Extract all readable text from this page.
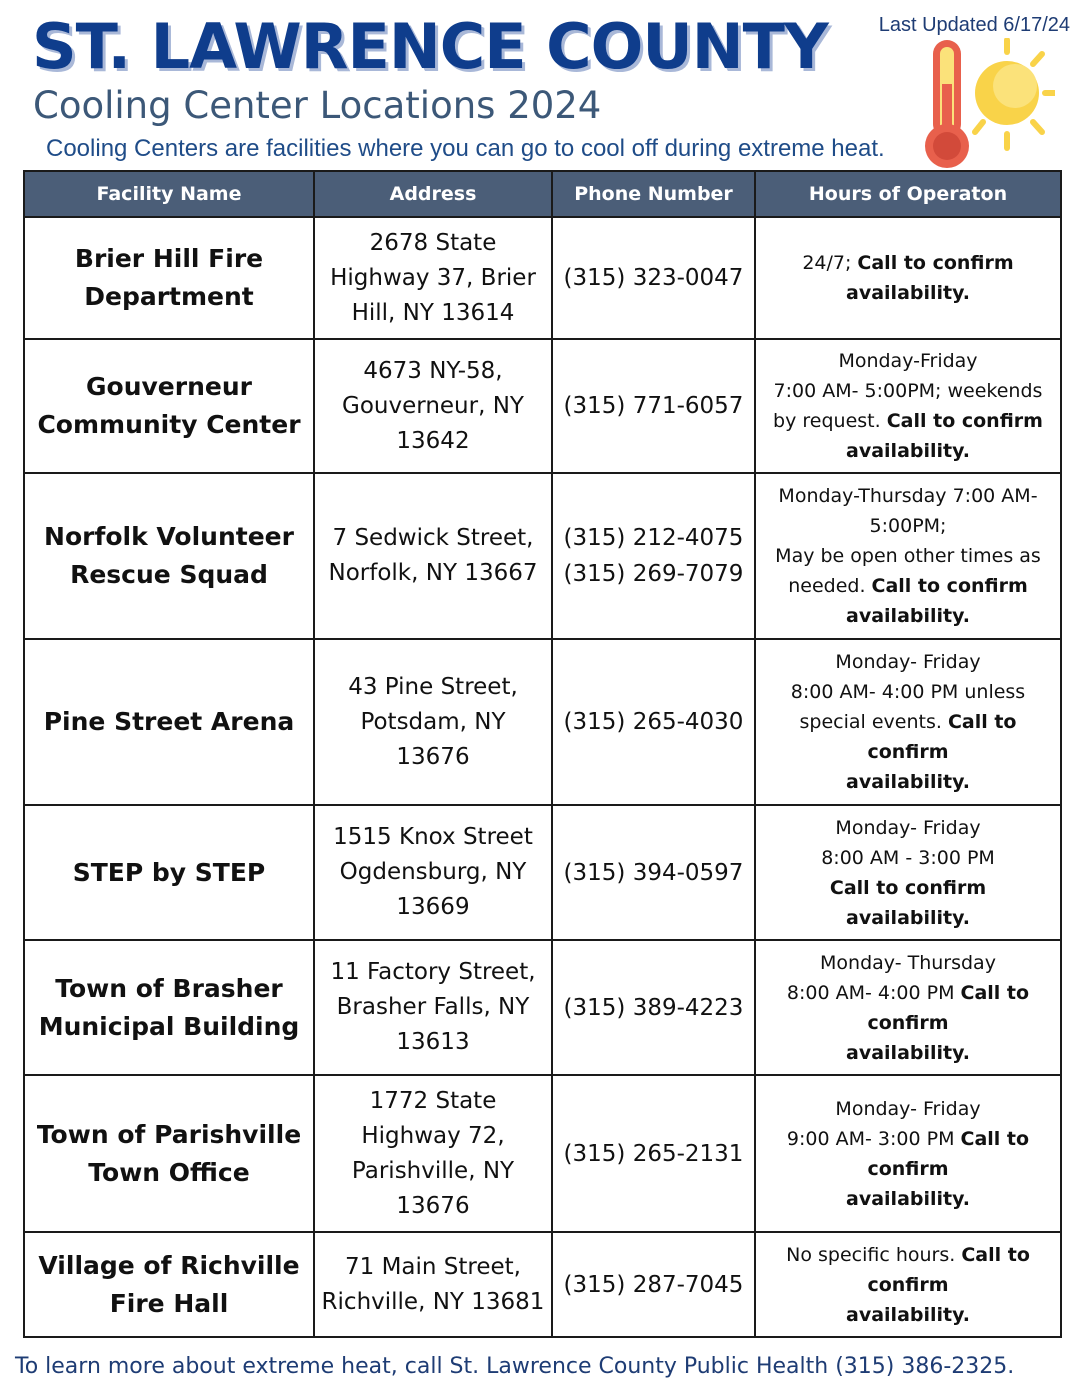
ST. LAWRENCE COUNTY
Cooling Center Locations 2024
Cooling Centers are facilities where you can go to cool off during extreme heat.
Last Updated 6/17/24
Facility Name	Address	Phone Number	Hours of Operaton
Brier Hill Fire
Department	2678 State
Highway 37, Brier
Hill, NY 13614	(315) 323-0047	24/7; Call to confirm
availability.
Gouverneur
Community Center	4673 NY-58,
Gouverneur, NY
13642	(315) 771-6057	Monday-Friday
7:00 AM- 5:00PM; weekends
by request. Call to confirm
availability.
Norfolk Volunteer
Rescue Squad	7 Sedwick Street,
Norfolk, NY 13667	(315) 212-4075
(315) 269-7079	Monday-Thursday 7:00 AM-
5:00PM;
May be open other times as
needed. Call to confirm
availability.
Pine Street Arena	43 Pine Street,
Potsdam, NY
13676	(315) 265-4030	Monday- Friday
8:00 AM- 4:00 PM unless
special events. Call to
confirm
availability.
STEP by STEP	1515 Knox Street
Ogdensburg, NY
13669	(315) 394-0597	Monday- Friday
8:00 AM - 3:00 PM
Call to confirm
availability.
Town of Brasher
Municipal Building	11 Factory Street,
Brasher Falls, NY
13613	(315) 389-4223	Monday- Thursday
8:00 AM- 4:00 PM Call to
confirm
availability.
Town of Parishville
Town Office	1772 State
Highway 72,
Parishville, NY
13676	(315) 265-2131	Monday- Friday
9:00 AM- 3:00 PM Call to
confirm
availability.
Village of Richville
Fire Hall	71 Main Street,
Richville, NY 13681	(315) 287-7045	No specific hours. Call to
confirm
availability.
To learn more about extreme heat, call St. Lawrence County Public Health (315) 386-2325.
